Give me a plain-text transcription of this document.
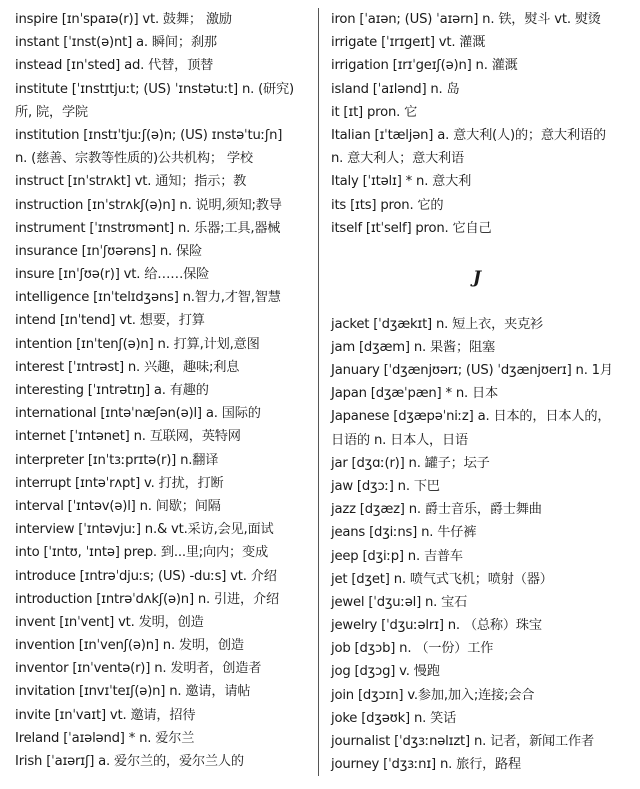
inspire [ɪnˈspaɪə(r)] vt. 鼓舞； 激励
instant [ˈɪnst(ə)nt] a. 瞬间；刹那
instead [ɪnˈsted] ad. 代替，顶替
institute [ˈɪnstɪtjuːt; (US) ˈɪnstətuːt] n. (研究)
所, 院，学院
institution [ɪnstɪˈtjuːʃ(ə)n; (US) ɪnstəˈtuːʃn]
n. (慈善、宗教等性质的)公共机构； 学校
instruct [ɪnˈstrʌkt] vt. 通知；指示；教
instruction [ɪnˈstrʌkʃ(ə)n] n. 说明,须知;教导
instrument [ˈɪnstrʊmənt] n. 乐器;工具,器械
insurance [ɪnˈʃʊərəns] n. 保险
insure [ɪnˈʃʊə(r)] vt. 给……保险
intelligence [ɪnˈtelɪdʒəns] n.智力,才智,智慧
intend [ɪnˈtend] vt. 想要，打算
intention [ɪnˈtenʃ(ə)n] n. 打算,计划,意图
interest [ˈɪntrəst] n. 兴趣，趣味;利息
interesting [ˈɪntrətɪŋ] a. 有趣的
international [ɪntəˈnæʃən(ə)l] a. 国际的
internet [ˈɪntənet] n. 互联网，英特网
interpreter [ɪnˈtɜːprɪtə(r)] n.翻译
interrupt [ɪntəˈrʌpt] v. 打扰，打断
interval [ˈɪntəv(ə)l] n. 间歇；间隔
interview [ˈɪntəvjuː] n.& vt.采访,会见,面试
into [ˈɪntʊ, ˈɪntə] prep. 到...里;向内；变成
introduce [ɪntrəˈdjuːs; (US) -duːs] vt. 介绍
introduction [ɪntrəˈdʌkʃ(ə)n] n. 引进，介绍
invent [ɪnˈvent] vt. 发明，创造
invention [ɪnˈvenʃ(ə)n] n. 发明，创造
inventor [ɪnˈventə(r)] n. 发明者，创造者
invitation [ɪnvɪˈteɪʃ(ə)n] n. 邀请，请帖
invite [ɪnˈvaɪt] vt. 邀请，招待
Ireland [ˈaɪələnd] * n. 爱尔兰
Irish [ˈaɪərɪʃ] a. 爱尔兰的，爱尔兰人的
iron [ˈaɪən; (US) ˈaɪərn] n. 铁，熨斗 vt. 熨烫
irrigate [ˈɪrɪgeɪt] vt. 灌溉
irrigation [ɪrɪˈgeɪʃ(ə)n] n. 灌溉
island [ˈaɪlənd] n. 岛
it [ɪt] pron. 它
Italian [ɪˈtæljən] a. 意大利(人)的；意大利语的
n. 意大利人；意大利语
Italy [ˈɪtəlɪ] * n. 意大利
its [ɪts] pron. 它的
itself [ɪtˈself] pron. 它自己
J
jacket [ˈdʒækɪt] n. 短上衣，夹克衫
jam [dʒæm] n. 果酱；阻塞
January [ˈdʒænjʊərɪ; (US) ˈdʒænjʊerɪ] n. 1月
Japan [dʒæˈpæn] * n. 日本
Japanese [dʒæpəˈniːz] a. 日本的，日本人的，
日语的 n. 日本人，日语
jar [dʒɑː(r)] n. 罐子；坛子
jaw [dʒɔː] n. 下巴
jazz [dʒæz] n. 爵士音乐，爵士舞曲
jeans [dʒiːns] n. 牛仔裤
jeep [dʒiːp] n. 吉普车
jet [dʒet] n. 喷气式飞机；喷射（器）
jewel [ˈdʒuːəl] n. 宝石
jewelry [ˈdʒuːəlrɪ] n. （总称）珠宝
job [dʒɔb] n. （一份）工作
jog [dʒɔg] v. 慢跑
join [dʒɔɪn] v.参加,加入;连接;会合
joke [dʒəʊk] n. 笑话
journalist [ˈdʒɜːnəlɪzt] n. 记者，新闻工作者
journey [ˈdʒɜːnɪ] n. 旅行，路程
